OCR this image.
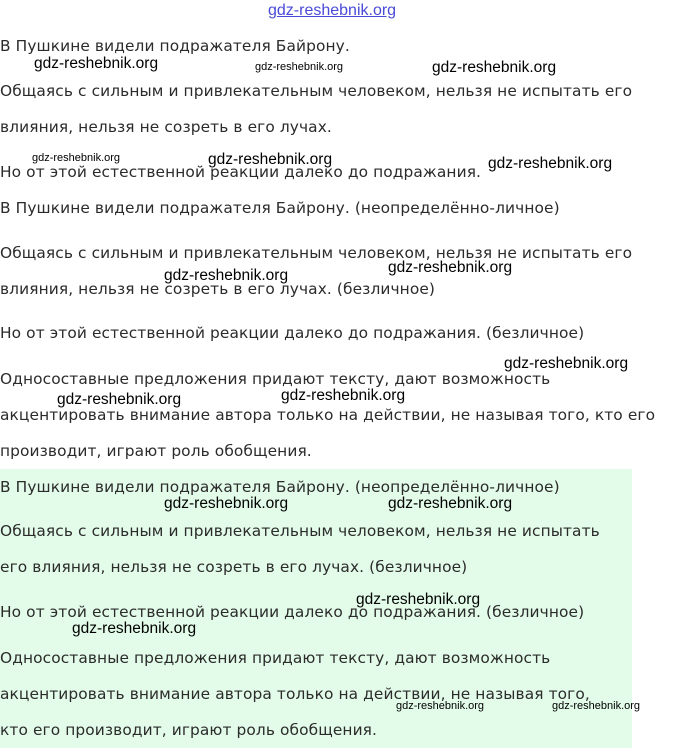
gdz-reshebnik.org
В Пушкине видели подражателя Байрону.
Общаясь с сильным и привлекательным человеком, нельзя не испытать его
влияния, нельзя не созреть в его лучах.
Но от этой естественной реакции далеко до подражания.
В Пушкине видели подражателя Байрону. (неопределённо-личное)
Общаясь с сильным и привлекательным человеком, нельзя не испытать его
влияния, нельзя не созреть в его лучах. (безличное)
Но от этой естественной реакции далеко до подражания. (безличное)
Односоставные предложения придают тексту, дают возможность
акцентировать внимание автора только на действии, не называя того, кто его
производит, играют роль обобщения.
В Пушкине видели подражателя Байрону. (неопределённо-личное)
Общаясь с сильным и привлекательным человеком, нельзя не испытать
его влияния, нельзя не созреть в его лучах. (безличное)
Но от этой естественной реакции далеко до подражания. (безличное)
Односоставные предложения придают тексту, дают возможность
акцентировать внимание автора только на действии, не называя того,
кто его производит, играют роль обобщения.
gdz-reshebnik.org	gdz-reshebnik.org	gdz-reshebnik.org
gdz-reshebnik.org	gdz-reshebnik.org	gdz-reshebnik.org
gdz-reshebnik.org
gdz-reshebnik.org
gdz-reshebnik.org
gdz-reshebnik.org
gdz-reshebnik.org
gdz-reshebnik.org	gdz-reshebnik.org
gdz-reshebnik.org
gdz-reshebnik.org
gdz-reshebnik.org	gdz-reshebnik.org
